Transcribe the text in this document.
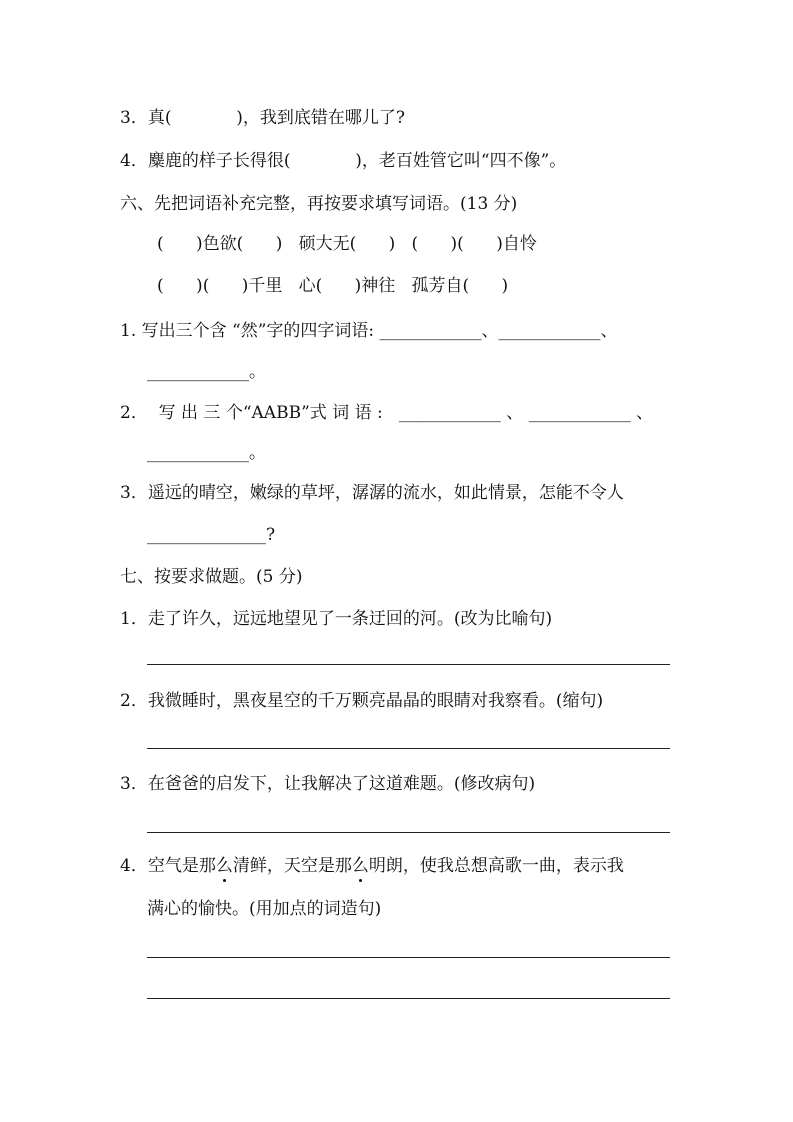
3．真(            )，我到底错在哪儿了?
4．麋鹿的样子长得很(            )，老百姓管它叫“四不像”。
六、先把词语补充完整，再按要求填写词语。(13 分)
(      )色欲(      )   硕大无(      )   (      )(      )自怜
(      )(      )千里   心(      )神往   孤芳自(      )
1. 写出三个含 “然”字的四字词语: ____________、____________、
____________。
2．  写 出 三 个“AABB”式 词 语 :   ____________ 、 ____________ 、
____________。
3．遥远的晴空，嫩绿的草坪，潺潺的流水，如此情景，怎能不令人
______________?
七、按要求做题。(5 分)
1．走了许久，远远地望见了一条迂回的河。(改为比喻句)
2．我微睡时，黑夜星空的千万颗亮晶晶的眼睛对我察看。(缩句)
3．在爸爸的启发下，让我解决了这道难题。(修改病句)
4．空气是那么清鲜，天空是那么明朗，使我总想高歌一曲，表示我
满心的愉快。(用加点的词造句)
